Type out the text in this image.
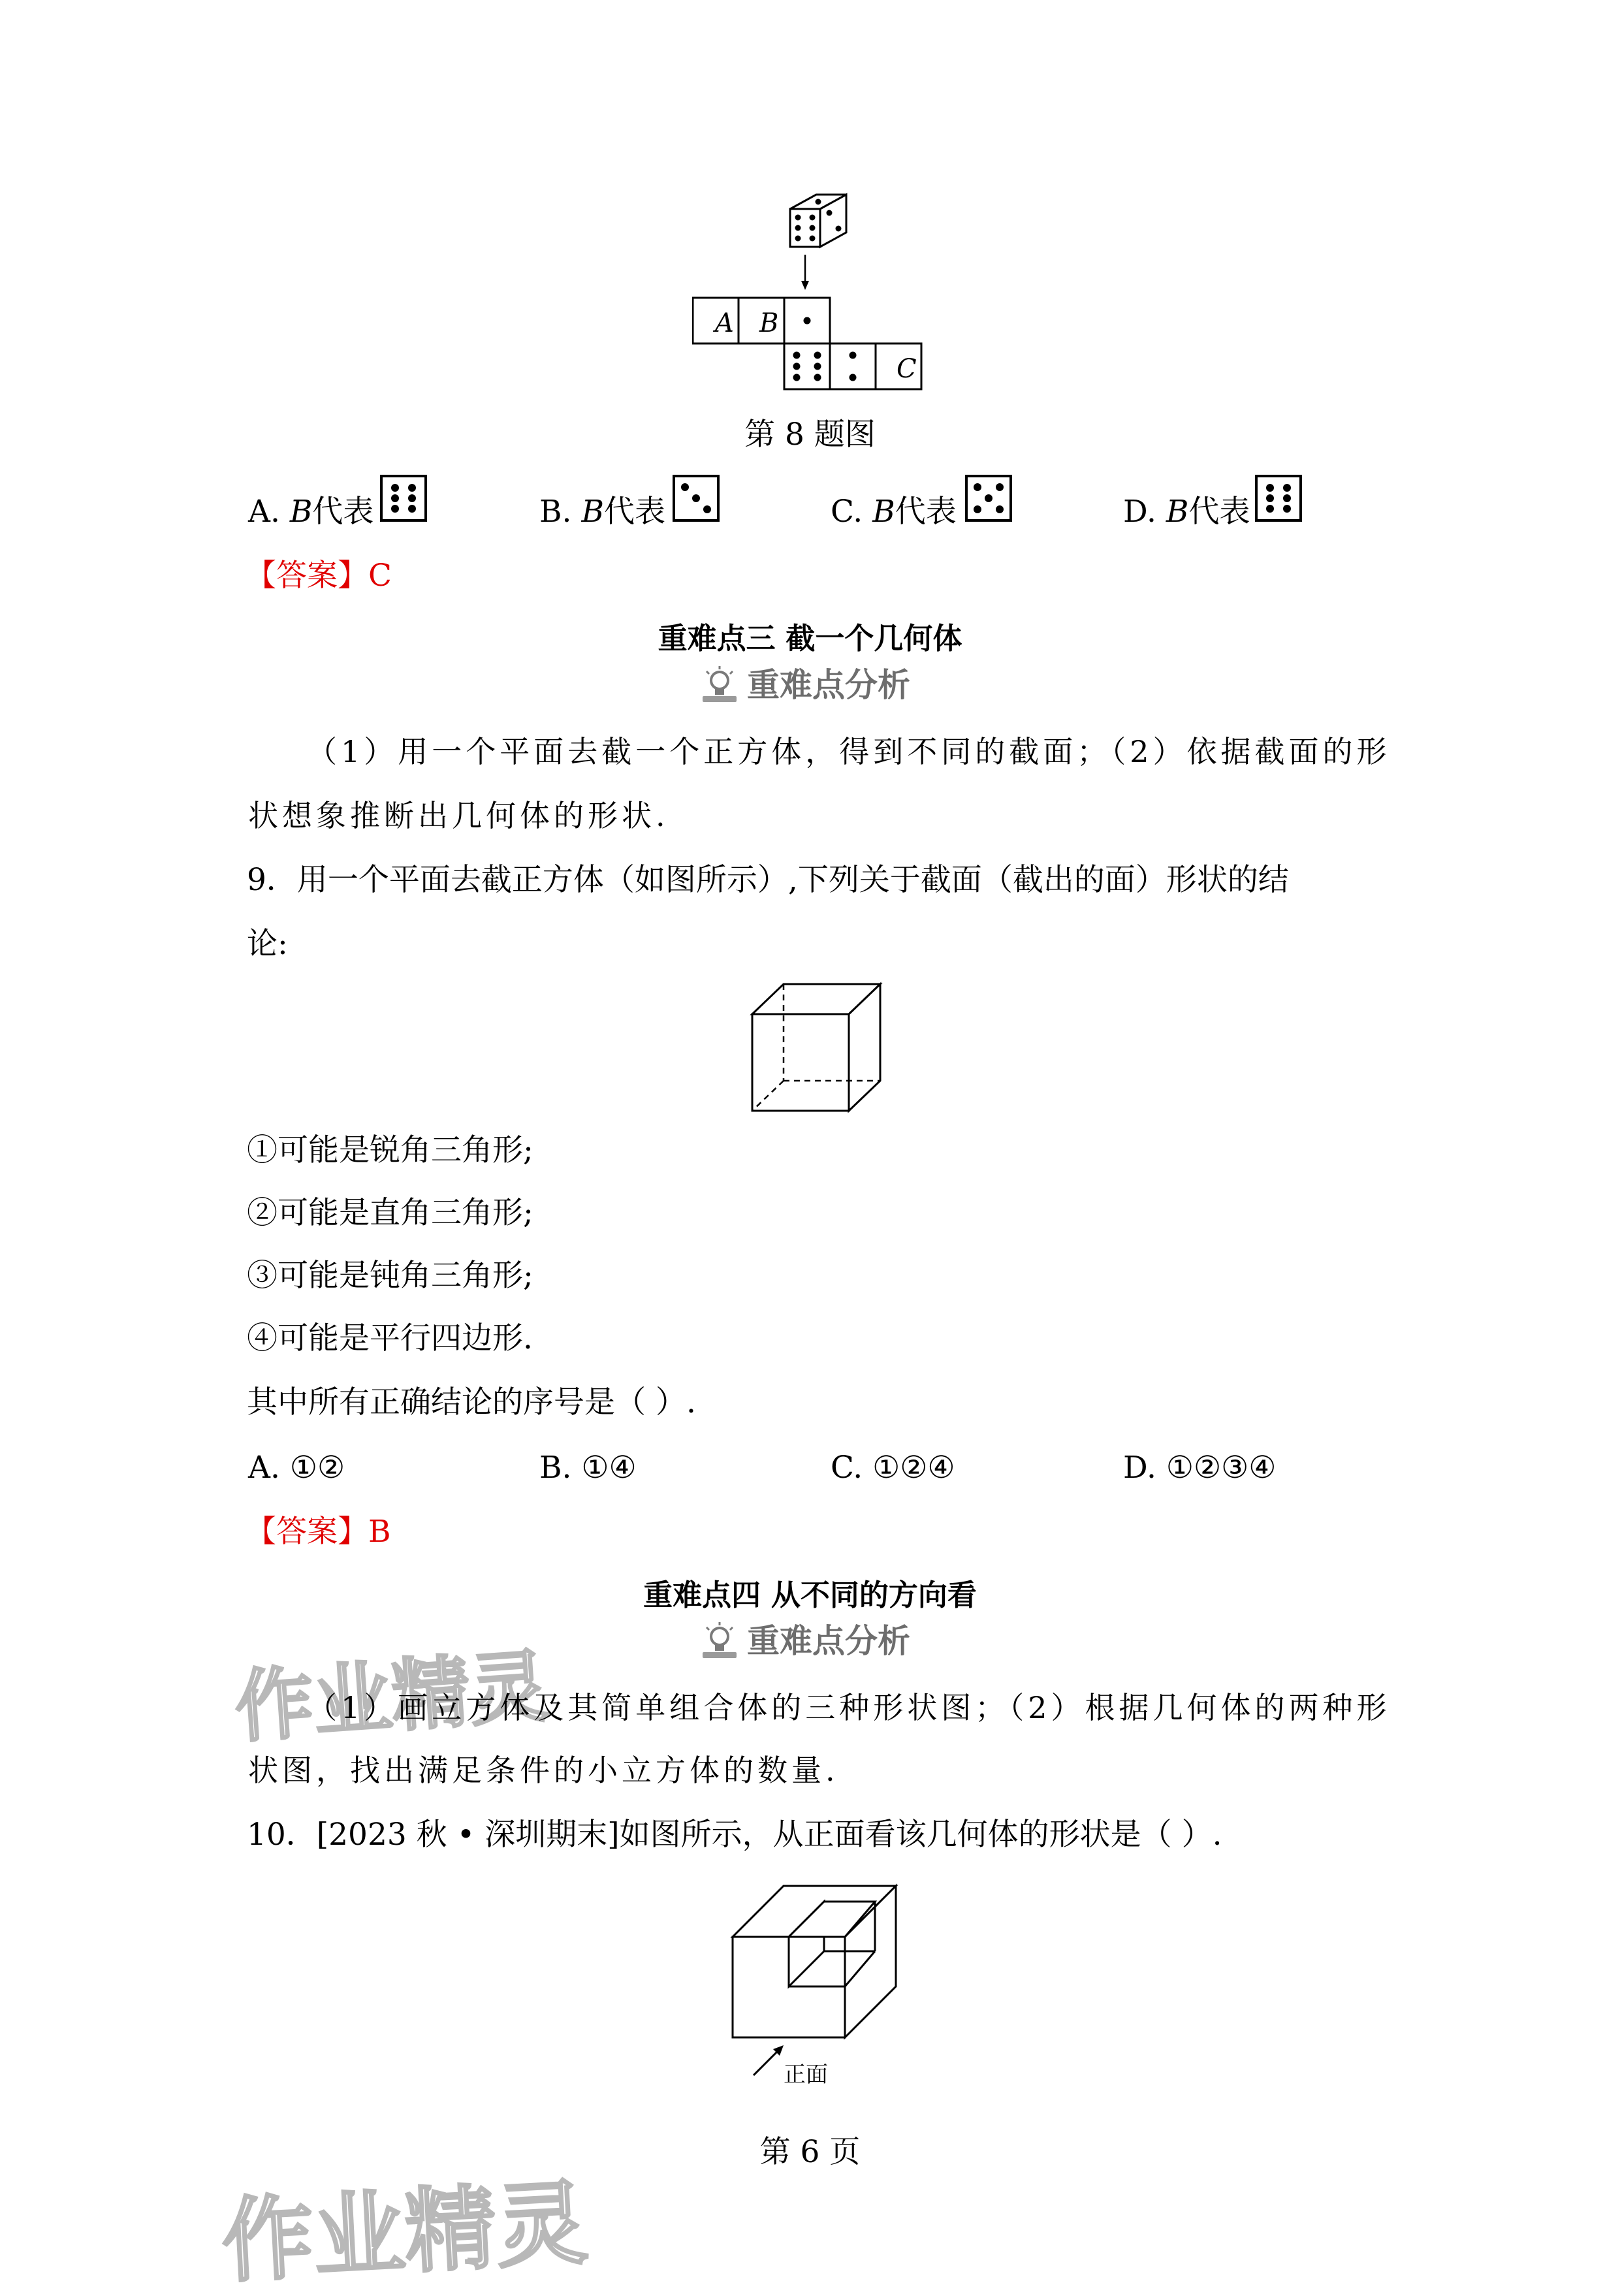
A B
C
第 8 题图
A. B代表	B. B代表	C. B代表	D. B代表
【答案】C
重难点三 截一个几何体
重难点分析
（1）用一个平面去截一个正方体，得到不同的截面；（2）依据截面的形
状想象推断出几何体的形状.
9．用一个平面去截正方体（如图所示）,下列关于截面（截出的面）形状的结
论:
①可能是锐角三角形;
②可能是直角三角形;
③可能是钝角三角形;
④可能是平行四边形.
其中所有正确结论的序号是（ ）.
A. ①②	B. ①④	C. ①②④	D. ①②③④
【答案】B
重难点四 从不同的方向看
重难点分析
作业精灵
（1）画立方体及其简单组合体的三种形状图；（2）根据几何体的两种形
状图，找出满足条件的小立方体的数量.
10．[2023 秋 • 深圳期末]如图所示，从正面看该几何体的形状是（ ）.
正面
第 6 页
作业精灵
